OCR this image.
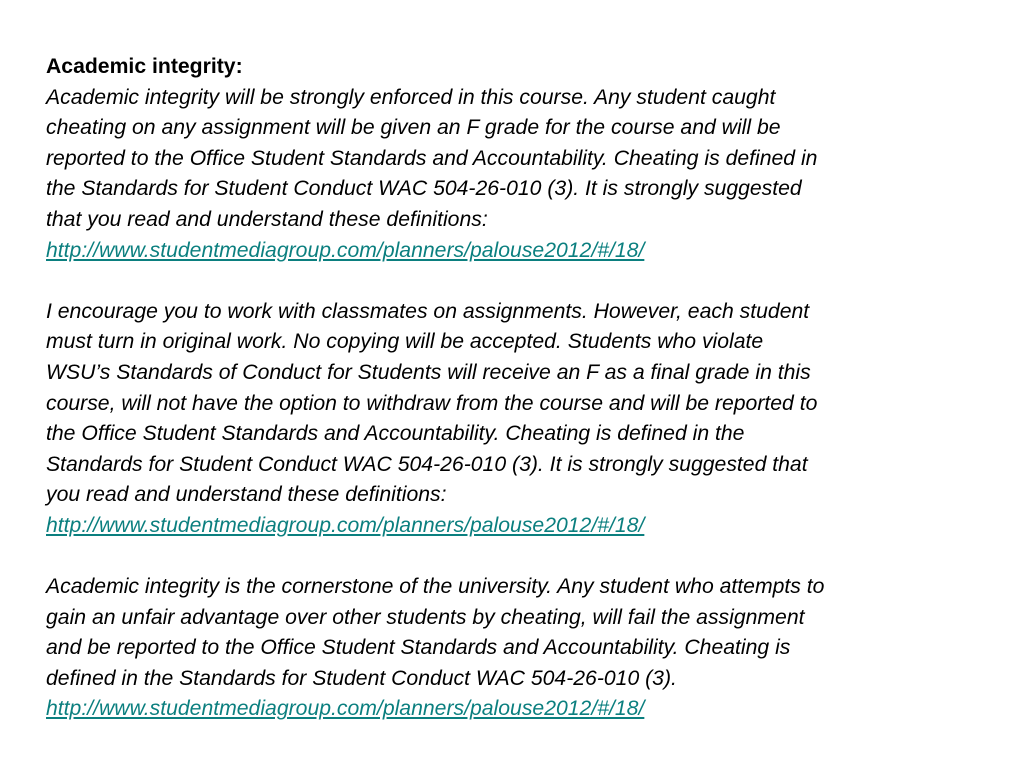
Academic integrity:
Academic integrity will be strongly enforced in this course. Any student caught
cheating on any assignment will be given an F grade for the course and will be
reported to the Office Student Standards and Accountability. Cheating is defined in
the Standards for Student Conduct WAC 504-26-010 (3). It is strongly suggested
that you read and understand these definitions:
http://www.studentmediagroup.com/planners/palouse2012/#/18/
I encourage you to work with classmates on assignments. However, each student
must turn in original work. No copying will be accepted. Students who violate
WSU’s Standards of Conduct for Students will receive an F as a final grade in this
course, will not have the option to withdraw from the course and will be reported to
the Office Student Standards and Accountability. Cheating is defined in the
Standards for Student Conduct WAC 504-26-010 (3). It is strongly suggested that
you read and understand these definitions:
http://www.studentmediagroup.com/planners/palouse2012/#/18/
Academic integrity is the cornerstone of the university. Any student who attempts to
gain an unfair advantage over other students by cheating, will fail the assignment
and be reported to the Office Student Standards and Accountability. Cheating is
defined in the Standards for Student Conduct WAC 504-26-010 (3).
http://www.studentmediagroup.com/planners/palouse2012/#/18/
